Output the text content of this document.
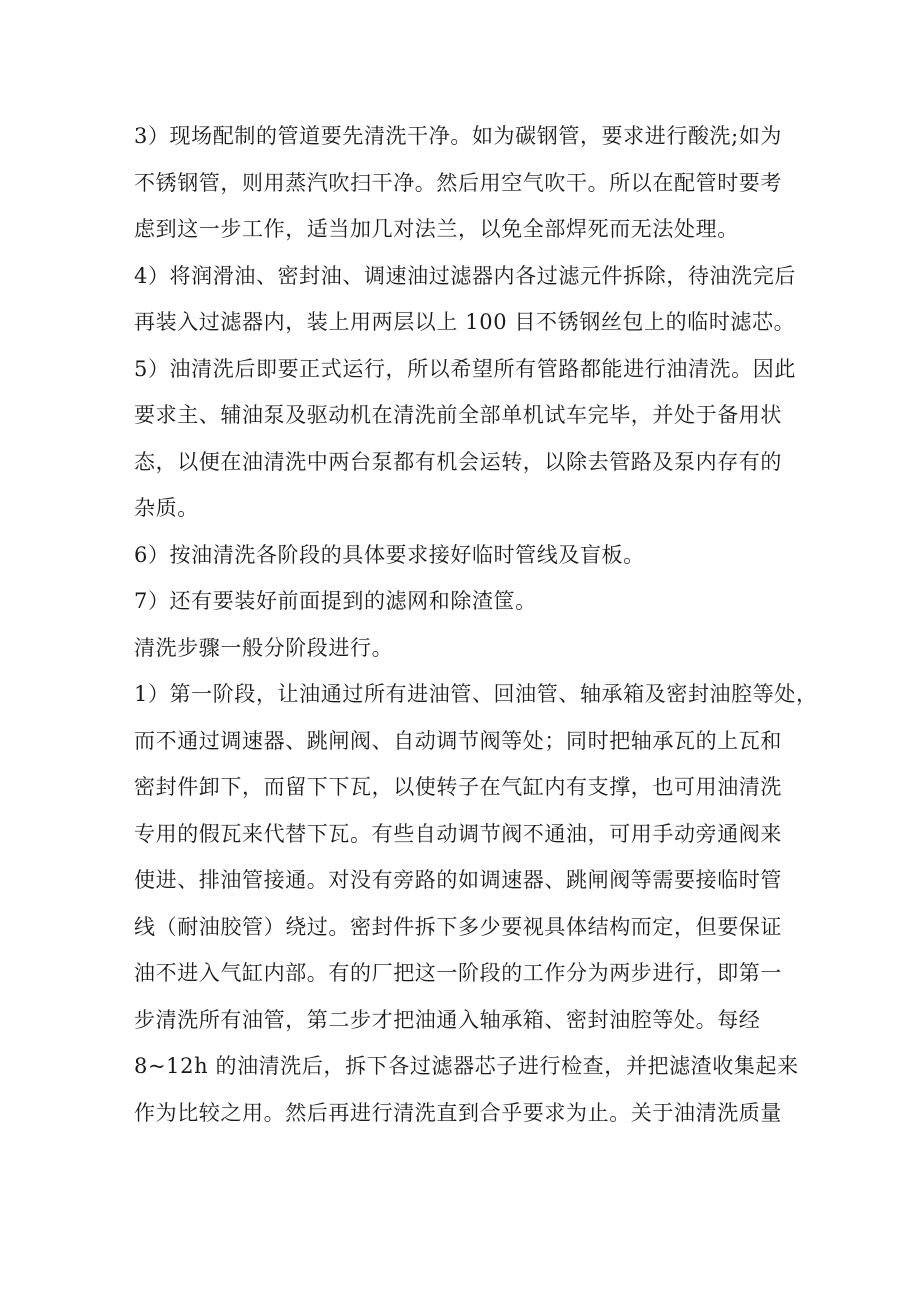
3）现场配制的管道要先清洗干净。如为碳钢管，要求进行酸洗;如为
不锈钢管，则用蒸汽吹扫干净。然后用空气吹干。所以在配管时要考
虑到这一步工作，适当加几对法兰，以免全部焊死而无法处理。
4）将润滑油、密封油、调速油过滤器内各过滤元件拆除，待油洗完后
再装入过滤器内，装上用两层以上 100 目不锈钢丝包上的临时滤芯。
5）油清洗后即要正式运行，所以希望所有管路都能进行油清洗。因此
要求主、辅油泵及驱动机在清洗前全部单机试车完毕，并处于备用状
态，以便在油清洗中两台泵都有机会运转，以除去管路及泵内存有的
杂质。
6）按油清洗各阶段的具体要求接好临时管线及盲板。
7）还有要装好前面提到的滤网和除渣筐。
清洗步骤一般分阶段进行。
1）第一阶段，让油通过所有进油管、回油管、轴承箱及密封油腔等处，
而不通过调速器、跳闸阀、自动调节阀等处；同时把轴承瓦的上瓦和
密封件卸下，而留下下瓦，以使转子在气缸内有支撑，也可用油清洗
专用的假瓦来代替下瓦。有些自动调节阀不通油，可用手动旁通阀来
使进、排油管接通。对没有旁路的如调速器、跳闸阀等需要接临时管
线（耐油胶管）绕过。密封件拆下多少要视具体结构而定，但要保证
油不进入气缸内部。有的厂把这一阶段的工作分为两步进行，即第一
步清洗所有油管，第二步才把油通入轴承箱、密封油腔等处。每经
8~12h 的油清洗后，拆下各过滤器芯子进行检查，并把滤渣收集起来
作为比较之用。然后再进行清洗直到合乎要求为止。关于油清洗质量
